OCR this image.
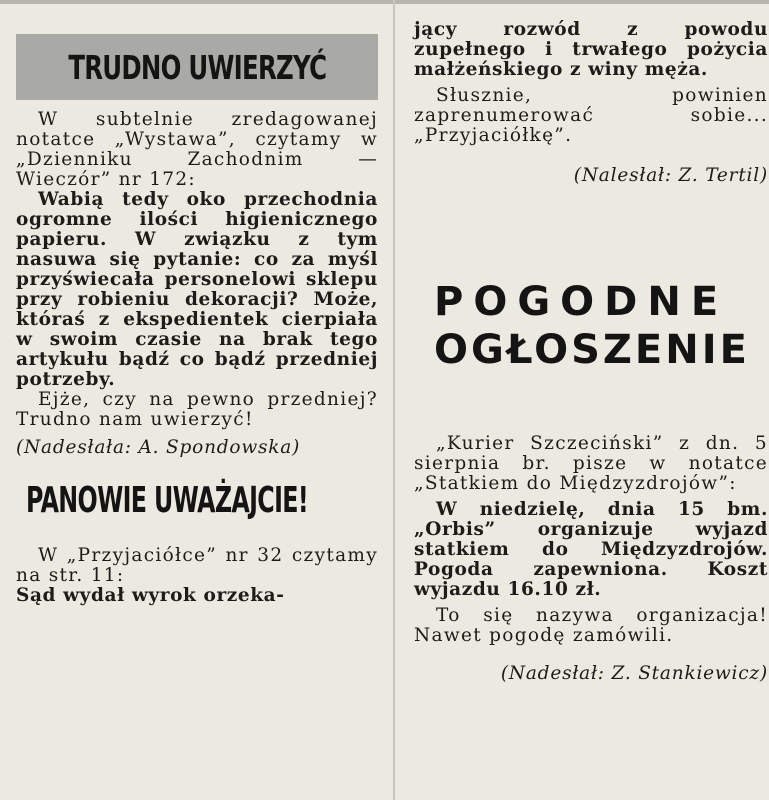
TRUDNO UWIERZYĆ

W subtelnie zredagowanej notatce „Wystawa”, czytamy w „Dzienniku Zachodnim — Wieczór” nr 172:

Wabią tedy oko przechodnia ogromne ilości higienicznego papieru. W związku z tym nasuwa się pytanie: co za myśl przyświecała personelowi sklepu przy robieniu dekoracji? Może, któraś z ekspedientek cierpiała w swoim czasie na brak tego artykułu bądź co bądź przedniej potrzeby.

Ejże, czy na pewno przedniej? Trudno nam uwierzyć!

(Nadesłała: A. Spondowska)

PANOWIE UWAŻAJCIE!

W „Przyjaciółce” nr 32 czytamy na str. 11:

Sąd wydał wyrok orzeka-

jący rozwód z powodu zupełnego i trwałego pożycia małżeńskiego z winy męża.

Słusznie, powinien zaprenumerować sobie... „Przyjaciółkę”.

(Nalesłał: Z. Tertil)

POGODNE
OGŁOSZENIE

„Kurier Szczeciński” z dn. 5 sierpnia br. pisze w notatce „Statkiem do Międzyzdrojów”:

W niedzielę, dnia 15 bm. „Orbis” organizuje wyjazd statkiem do Międzyzdrojów. Pogoda zapewniona. Koszt wyjazdu 16.10 zł.

To się nazywa organizacja! Nawet pogodę zamówili.

(Nadesłał: Z. Stankiewicz)
